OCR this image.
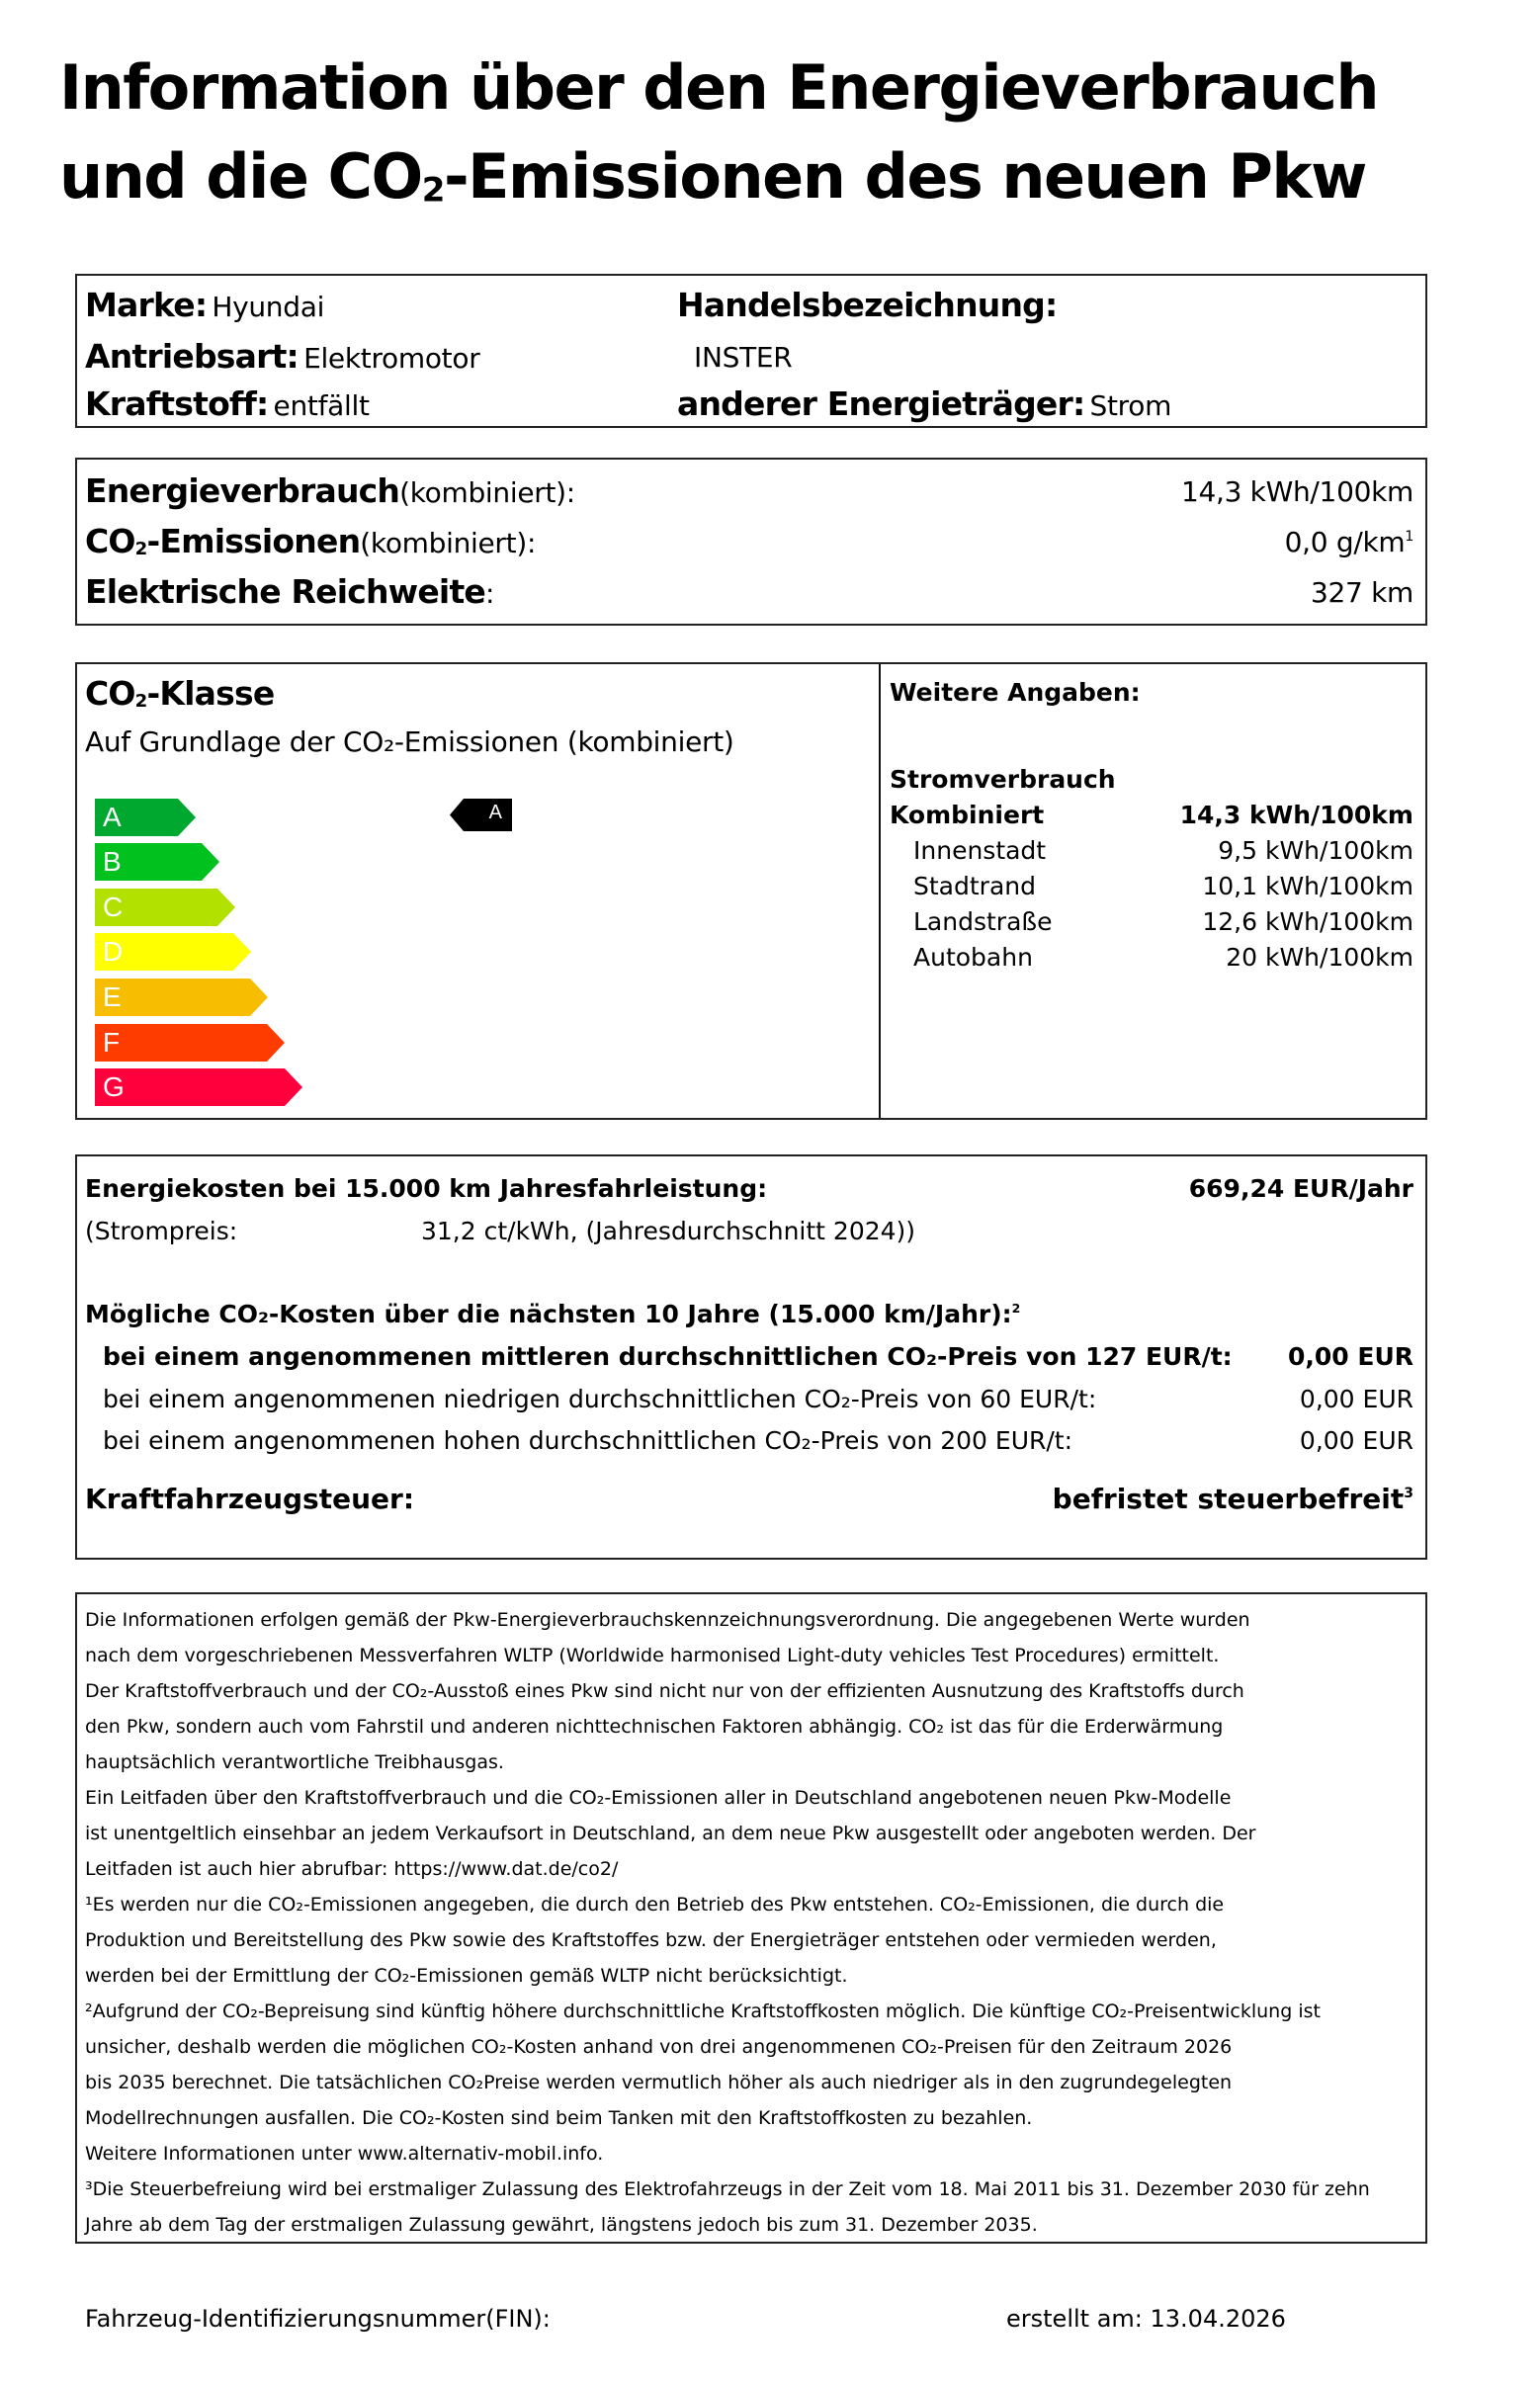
Information über den Energieverbrauch
und die $CO_2$-Emissionen des neuen Pkw
Marke: Hyundai
Antriebsart: Elektromotor
Kraftstoff: entfällt
Handelsbezeichnung:
INSTER
anderer Energieträger: Strom
Energieverbrauch(kombiniert):	14,3 kWh/100km
$CO_2-Emissionen(kombiniert)$:	0,0 g/km$^1$
Elektrische Reichweite:	327 km
$CO_2$-Klasse
Auf Grundlage der CO₂-Emissionen (kombiniert)
Weitere Angaben:
Stromverbrauch
Kombiniert	14,3 kWh/100km
Innenstadt	9,5 kWh/100km
Stadtrand	10,1 kWh/100km
Landstraße	12,6 kWh/100km
Autobahn	20 kWh/100km
A
B
C
D
E
F
G
A
Energiekosten bei 15.000 km Jahresfahrleistung:	669,24 EUR/Jahr
(Strompreis:	31,2 ct/kWh, (Jahresdurchschnitt 2024))
Mögliche CO₂-Kosten über die nächsten 10 Jahre (15.000 km/Jahr):$^2$
bei einem angenommenen mittleren durchschnittlichen CO₂-Preis von 127 EUR/t: 0,00 EUR
bei einem angenommenen niedrigen durchschnittlichen CO₂-Preis von 60 EUR/t:	0,00 EUR
bei einem angenommenen hohen durchschnittlichen CO₂-Preis von 200 EUR/t:	0,00 EUR
Kraftfahrzeugsteuer:	befristet steuerbefreit$^3$
Die Informationen erfolgen gemäß der Pkw-Energieverbrauchskennzeichnungsverordnung. Die angegebenen Werte wurden
nach dem vorgeschriebenen Messverfahren WLTP (Worldwide harmonised Light-duty vehicles Test Procedures) ermittelt.
Der Kraftstoffverbrauch und der CO₂-Ausstoß eines Pkw sind nicht nur von der effizienten Ausnutzung des Kraftstoffs durch
den Pkw, sondern auch vom Fahrstil und anderen nichttechnischen Faktoren abhängig. CO₂ ist das für die Erderwärmung
hauptsächlich verantwortliche Treibhausgas.
Ein Leitfaden über den Kraftstoffverbrauch und die CO₂-Emissionen aller in Deutschland angebotenen neuen Pkw-Modelle
ist unentgeltlich einsehbar an jedem Verkaufsort in Deutschland, an dem neue Pkw ausgestellt oder angeboten werden. Der
Leitfaden ist auch hier abrufbar: https://www.dat.de/co2/
¹Es werden nur die CO₂-Emissionen angegeben, die durch den Betrieb des Pkw entstehen. CO₂-Emissionen, die durch die
Produktion und Bereitstellung des Pkw sowie des Kraftstoffes bzw. der Energieträger entstehen oder vermieden werden,
werden bei der Ermittlung der CO₂-Emissionen gemäß WLTP nicht berücksichtigt.
²Aufgrund der CO₂-Bepreisung sind künftig höhere durchschnittliche Kraftstoffkosten möglich. Die künftige CO₂-Preisentwicklung ist
unsicher, deshalb werden die möglichen CO₂-Kosten anhand von drei angenommenen CO₂-Preisen für den Zeitraum 2026
bis 2035 berechnet. Die tatsächlichen CO₂Preise werden vermutlich höher als auch niedriger als in den zugrundegelegten
Modellrechnungen ausfallen. Die CO₂-Kosten sind beim Tanken mit den Kraftstoffkosten zu bezahlen.
Weitere Informationen unter www.alternativ-mobil.info.
³Die Steuerbefreiung wird bei erstmaliger Zulassung des Elektrofahrzeugs in der Zeit vom 18. Mai 2011 bis 31. Dezember 2030 für zehn
Jahre ab dem Tag der erstmaligen Zulassung gewährt, längstens jedoch bis zum 31. Dezember 2035.
Fahrzeug-Identifizierungsnummer(FIN):	erstellt am: 13.04.2026
